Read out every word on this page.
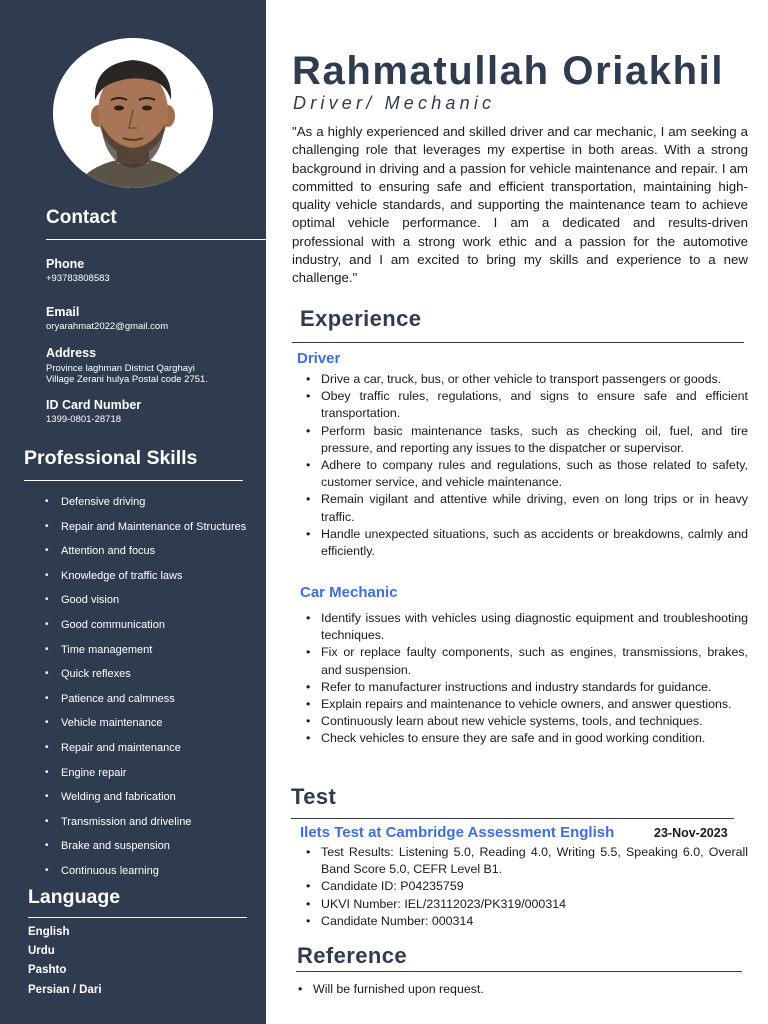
Contact
Phone
+93783808583
Email
oryarahmat2022@gmail.com
Address
Province laghman District Qarghayi
Village Zerani hulya Postal code 2751.
ID Card Number
1399-0801-28718
Professional Skills
• Defensive driving
• Repair and Maintenance of Structures
• Attention and focus
• Knowledge of traffic laws
• Good vision
• Good communication
• Time management
• Quick reflexes
• Patience and calmness
• Vehicle maintenance
• Repair and maintenance
• Engine repair
• Welding and fabrication
• Transmission and driveline
• Brake and suspension
• Continuous learning
Language
English
Urdu
Pashto
Persian / Dari
Rahmatullah Oriakhil
Driver/ Mechanic

"As a highly experienced and skilled driver and car mechanic, I am seeking a challenging role that leverages my expertise in both areas. With a strong background in driving and a passion for vehicle maintenance and repair. I am committed to ensuring safe and efficient transportation, maintaining high-quality vehicle standards, and supporting the maintenance team to achieve optimal vehicle performance. I am a dedicated and results-driven professional with a strong work ethic and a passion for the automotive industry, and I am excited to bring my skills and experience to a new challenge."

Experience
Driver
• Drive a car, truck, bus, or other vehicle to transport passengers or goods.
• Obey traffic rules, regulations, and signs to ensure safe and efficient transportation.
• Perform basic maintenance tasks, such as checking oil, fuel, and tire pressure, and reporting any issues to the dispatcher or supervisor.
• Adhere to company rules and regulations, such as those related to safety, customer service, and vehicle maintenance.
• Remain vigilant and attentive while driving, even on long trips or in heavy traffic.
• Handle unexpected situations, such as accidents or breakdowns, calmly and efficiently.
Car Mechanic
• Identify issues with vehicles using diagnostic equipment and troubleshooting techniques.
• Fix or replace faulty components, such as engines, transmissions, brakes, and suspension.
• Refer to manufacturer instructions and industry standards for guidance.
• Explain repairs and maintenance to vehicle owners, and answer questions.
• Continuously learn about new vehicle systems, tools, and techniques.
• Check vehicles to ensure they are safe and in good working condition.
Test
Ilets Test at Cambridge Assessment English	23-Nov-2023
• Test Results: Listening 5.0, Reading 4.0, Writing 5.5, Speaking 6.0, Overall Band Score 5.0, CEFR Level B1.
• Candidate ID: P04235759
• UKVI Number: IEL/23112023/PK319/000314
• Candidate Number: 000314
Reference
• Will be furnished upon request.
